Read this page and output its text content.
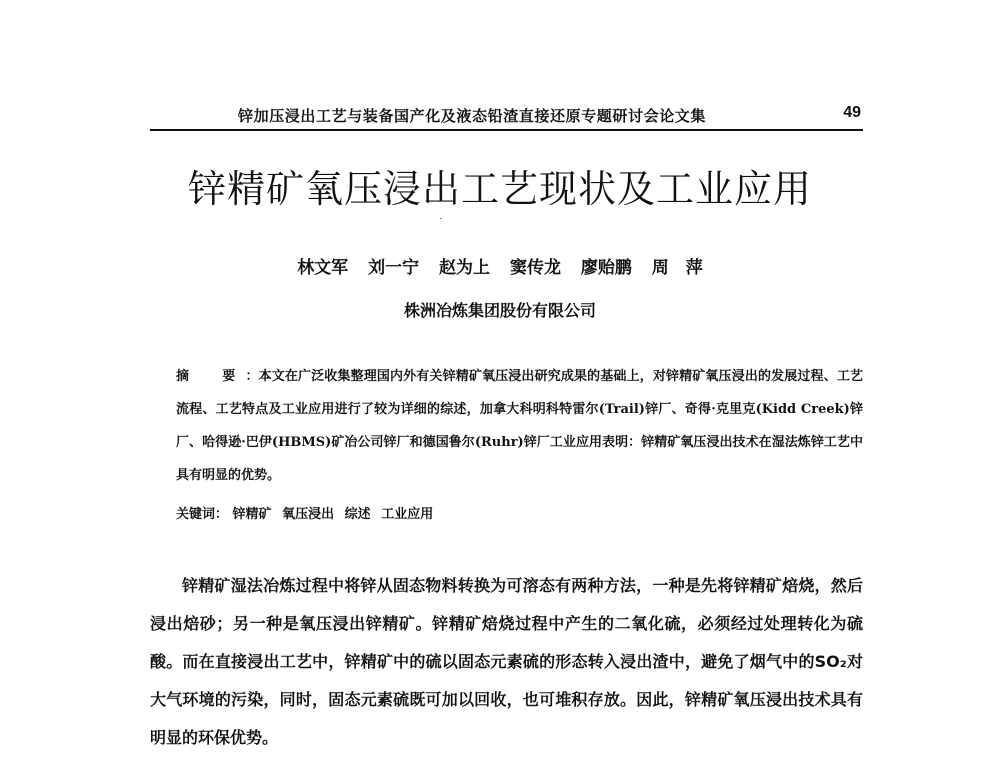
锌加压浸出工艺与装备国产化及液态铅渣直接还原专题研讨会论文集	49
锌精矿氧压浸出工艺现状及工业应用
林文军 刘一宁 赵为上 窦传龙 廖贻鹏 周　萍
株洲冶炼集团股份有限公司
摘　要：本文在广泛收集整理国内外有关锌精矿氧压浸出研究成果的基础上，对锌精矿氧压浸出的发展过程、工艺流程、工艺特点及工业应用进行了较为详细的综述，加拿大科明科特雷尔(Trail)锌厂、奇得·克里克(Kidd Creek)锌厂、哈得逊·巴伊(HBMS)矿冶公司锌厂和德国鲁尔(Ruhr)锌厂工业应用表明：锌精矿氧压浸出技术在湿法炼锌工艺中具有明显的优势。
关键词： 锌精矿 氧压浸出 综述 工业应用
锌精矿湿法冶炼过程中将锌从固态物料转换为可溶态有两种方法，一种是先将锌精矿焙烧，然后浸出焙砂；另一种是氧压浸出锌精矿。锌精矿焙烧过程中产生的二氧化硫，必须经过处理转化为硫酸。而在直接浸出工艺中，锌精矿中的硫以固态元素硫的形态转入浸出渣中，避免了烟气中的SO₂对大气环境的污染，同时，固态元素硫既可加以回收，也可堆积存放。因此，锌精矿氧压浸出技术具有明显的环保优势。
